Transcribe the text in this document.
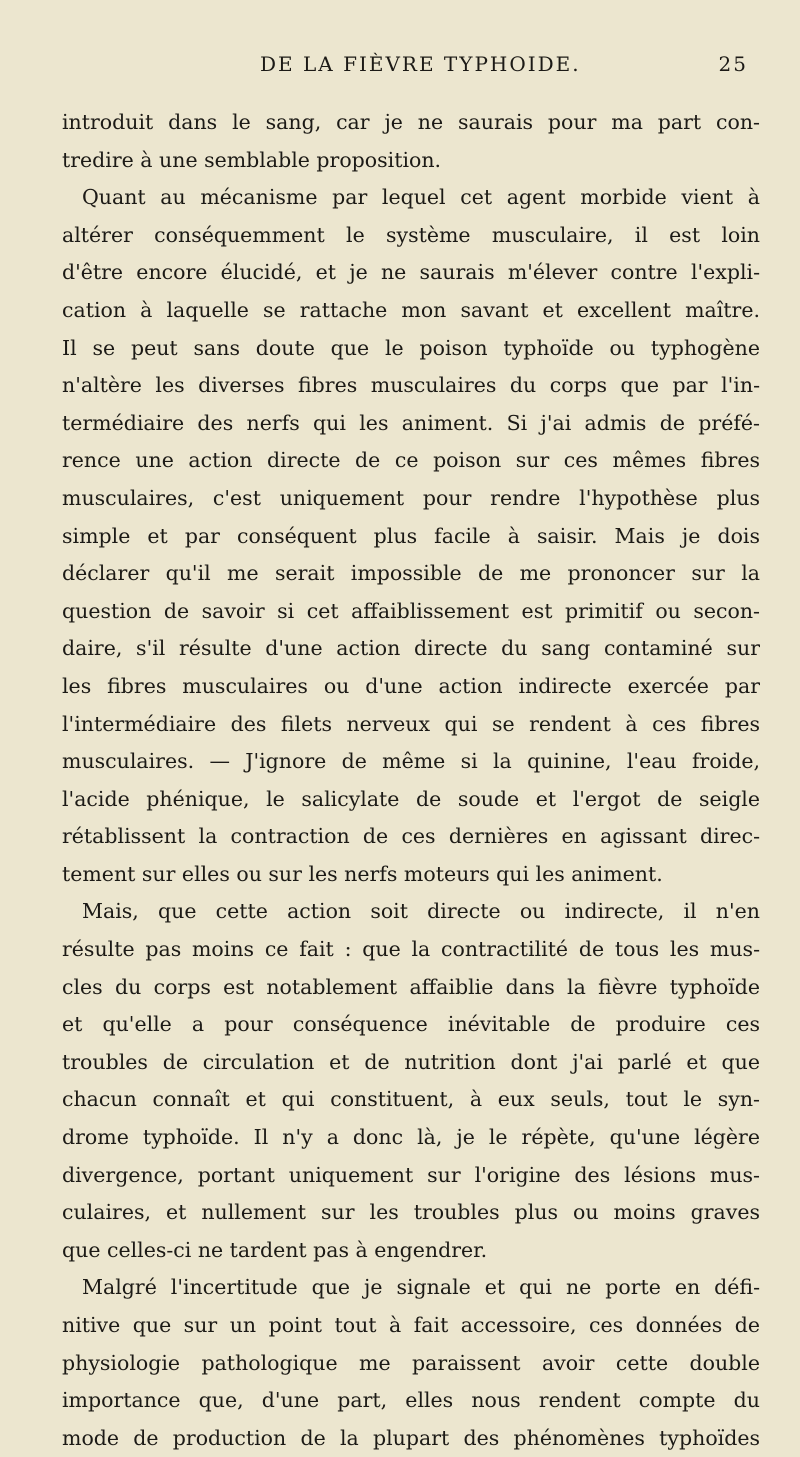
DE LA FIÈVRE TYPHOIDE.	25
introduit dans le sang, car je ne saurais pour ma part con-
tredire à une semblable proposition.
Quant au mécanisme par lequel cet agent morbide vient à
altérer conséquemment le système musculaire, il est loin
d'être encore élucidé, et je ne saurais m'élever contre l'expli-
cation à laquelle se rattache mon savant et excellent maître.
Il se peut sans doute que le poison typhoïde ou typhogène
n'altère les diverses fibres musculaires du corps que par l'in-
termédiaire des nerfs qui les animent. Si j'ai admis de préfé-
rence une action directe de ce poison sur ces mêmes fibres
musculaires, c'est uniquement pour rendre l'hypothèse plus
simple et par conséquent plus facile à saisir. Mais je dois
déclarer qu'il me serait impossible de me prononcer sur la
question de savoir si cet affaiblissement est primitif ou secon-
daire, s'il résulte d'une action directe du sang contaminé sur
les fibres musculaires ou d'une action indirecte exercée par
l'intermédiaire des filets nerveux qui se rendent à ces fibres
musculaires. — J'ignore de même si la quinine, l'eau froide,
l'acide phénique, le salicylate de soude et l'ergot de seigle
rétablissent la contraction de ces dernières en agissant direc-
tement sur elles ou sur les nerfs moteurs qui les animent.
Mais, que cette action soit directe ou indirecte, il n'en
résulte pas moins ce fait : que la contractilité de tous les mus-
cles du corps est notablement affaiblie dans la fièvre typhoïde
et qu'elle a pour conséquence inévitable de produire ces
troubles de circulation et de nutrition dont j'ai parlé et que
chacun connaît et qui constituent, à eux seuls, tout le syn-
drome typhoïde. Il n'y a donc là, je le répète, qu'une légère
divergence, portant uniquement sur l'origine des lésions mus-
culaires, et nullement sur les troubles plus ou moins graves
que celles-ci ne tardent pas à engendrer.
Malgré l'incertitude que je signale et qui ne porte en défi-
nitive que sur un point tout à fait accessoire, ces données de
physiologie pathologique me paraissent avoir cette double
importance que, d'une part, elles nous rendent compte du
mode de production de la plupart des phénomènes typhoïdes
